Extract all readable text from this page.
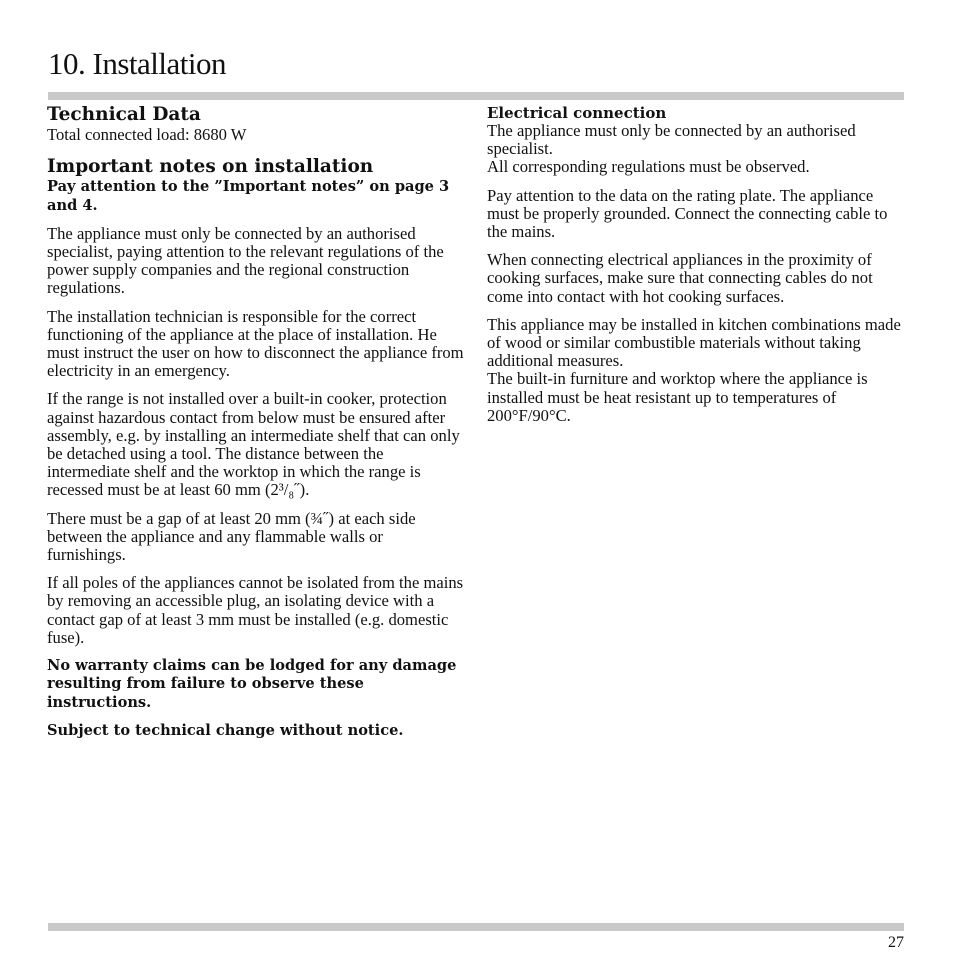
10. Installation
Technical Data

Total connected load: 8680 W

Important notes on installation

Pay attention to the ”Important notes” on page 3 and 4.

The appliance must only be connected by an authorised specialist, paying attention to the relevant regulations of the power supply companies and the regional construction regulations.

The installation technician is responsible for the correct functioning of the appliance at the place of installation. He must instruct the user on how to disconnect the appliance from electricity in an emergency.

If the range is not installed over a built-in cooker, protection against hazardous contact from below must be ensured after assembly, e.g. by installing an intermediate shelf that can only be detached using a tool. The distance between the intermediate shelf and the worktop in which the range is recessed must be at least 60 mm (2³/₈˝).

There must be a gap of at least 20 mm (¾˝) at each side between the appliance and any flammable walls or furnishings.

If all poles of the appliances cannot be isolated from the mains by removing an accessible plug, an isolating device with a contact gap of at least 3 mm must be installed (e.g. domestic fuse).

No warranty claims can be lodged for any damage resulting from failure to observe these instructions.

Subject to technical change without notice.

Electrical connection

The appliance must only be connected by an authorised specialist.

All corresponding regulations must be observed.

Pay attention to the data on the rating plate. The appliance must be properly grounded. Connect the connecting cable to the mains.

When connecting electrical appliances in the proximity of cooking surfaces, make sure that connecting cables do not come into contact with hot cooking surfaces.

This appliance may be installed in kitchen combinations made of wood or similar combustible materials without taking additional measures.

The built-in furniture and worktop where the appliance is installed must be heat resistant up to temperatures of 200°F/90°C.

27
